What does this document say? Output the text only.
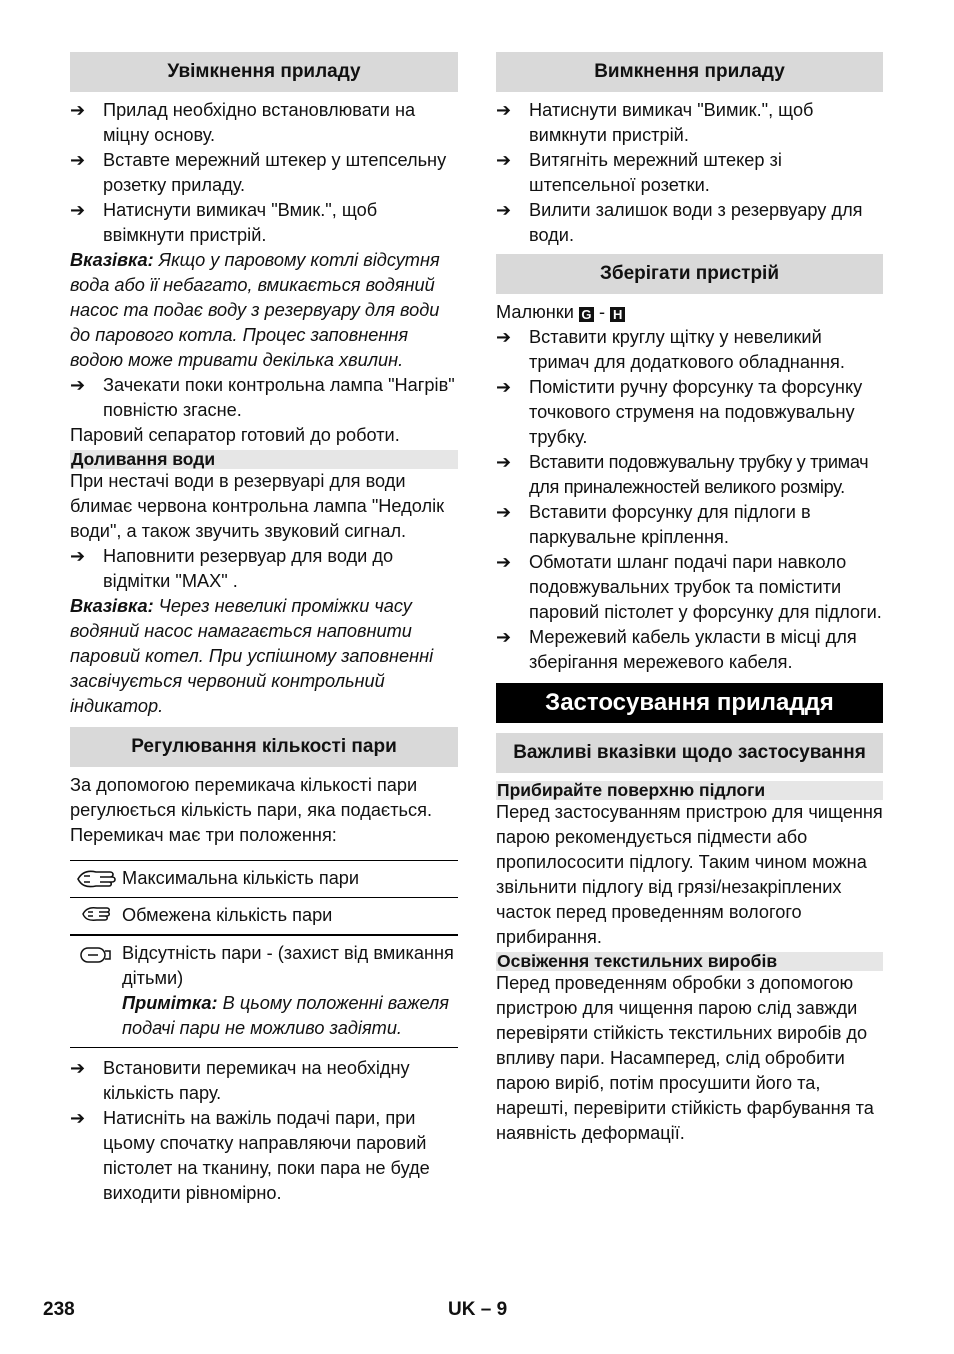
Увімкнення приладу
➔ Прилад необхідно встановлювати на міцну основу.
➔ Вставте мережний штекер у штепсельну розетку приладу.
➔ Натиснути вимикач "Вмик.", щоб ввімкнути пристрій.

Вказівка: Якщо у паровому котлі відсутня вода або її небагато, вмикається водяний насос та подає воду з резервуару для води до парового котла. Процес заповнення водою може тривати декілька хвилин.

➔ Зачекати поки контрольна лампа "Нагрів" повністю згасне.

Паровий сепаратор готовий до роботи.

Доливання води

При нестачі води в резервуарі для води блимає червона контрольна лампа "Недолік води", а також звучить звуковий сигнал.

➔ Наповнити резервуар для води до відмітки "MAX" .

Вказівка: Через невеликі проміжки часу водяний насос намагається наповнити паровий котел. При успішному заповненні засвічується червоний контрольний індикатор.

Регулювання кількості пари

За допомогою перемикача кількості пари регулюється кількість пари, яка подається. Перемикач має три положення:

Максимальна кількість пари
Обмежена кількість пари

Відсутність пари - (захист від вмикання дітьми)

Примітка: В цьому положенні важеля подачі пари не можливо задіяти.

➔ Встановити перемикач на необхідну кількість пару.
➔ Натисніть на важіль подачі пари, при цьому спочатку направляючи паровий пістолет на тканину, поки пара не буде виходити рівномірно.
Вимкнення приладу
➔ Натиснути вимикач "Вимик.", щоб вимкнути пристрій.
➔ Витягніть мережний штекер зі штепсельної розетки.
➔ Вилити залишок води з резервуару для води.
Зберігати пристрій

Малюнки G - H

➔ Вставити круглу щітку у невеликий тримач для додаткового обладнання.
➔ Помістити ручну форсунку та форсунку точкового струменя на подовжувальну трубку.
➔ Вставити подовжувальну трубку у тримач для приналежностей великого розміру.
➔ Вставити форсунку для підлоги в паркувальне кріплення.
➔ Обмотати шланг подачі пари навколо подовжувальних трубок та помістити паровий пістолет у форсунку для підлоги.
➔ Мережевий кабель укласти в місці для зберігання мережевого кабеля.
Застосування приладдя
Важливі вказівки щодо застосування
Прибирайте поверхню підлоги

Перед застосуванням пристрою для чищення парою рекомендується підмести або пропилососити підлогу. Таким чином можна звільнити підлогу від грязі/незакріплених часток перед проведенням вологого прибирання.

Освіження текстильних виробів

Перед проведенням обробки з допомогою пристрою для чищення парою слід завжди перевіряти стійкість текстильних виробів до впливу пари. Насамперед, слід обробити парою виріб, потім просушити його та, нарешті, перевірити стійкість фарбування та наявність деформації.

238	UK – 9
